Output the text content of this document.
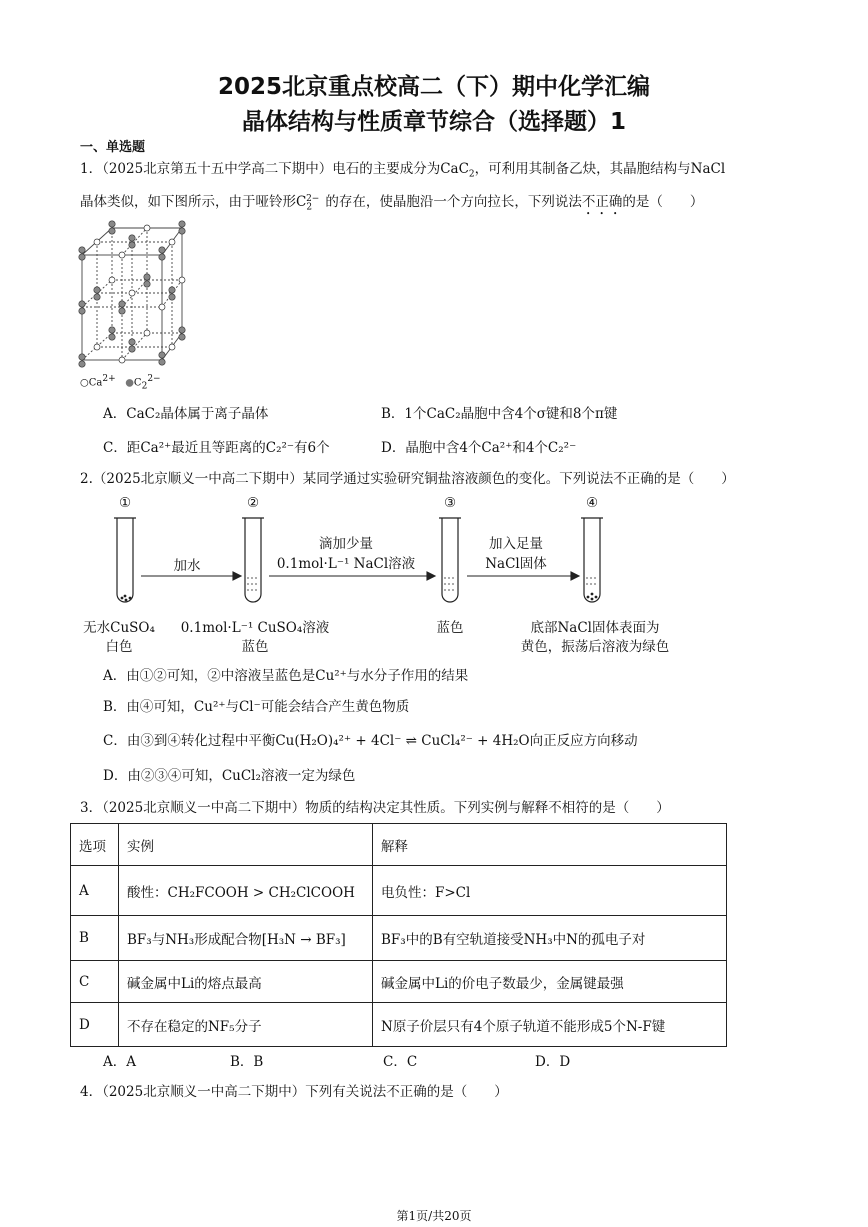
2025北京重点校高二（下）期中化学汇编
晶体结构与性质章节综合（选择题）1
一、单选题
1．（2025北京第五十五中学高二下期中）电石的主要成分为CaC$_2$，可利用其制备乙炔，其晶胞结构与NaCl
晶体类似，如下图所示，由于哑铃形$C_2^{2-}$ 的存在，使晶胞沿一个方向拉长，下列说法不正确的是（　　）
$○Ca^{2+}$ $●C_2^{2-}$
A．CaC₂晶体属于离子晶体	B．1个CaC₂晶胞中含4个σ键和8个π键
C．距Ca²⁺最近且等距离的C₂²⁻有6个	D．晶胞中含4个Ca²⁺和4个C₂²⁻
2.（2025北京顺义一中高二下期中）某同学通过实验研究铜盐溶液颜色的变化。下列说法不正确的是（　　）
①	②	③	④
加水
滴加少量
0.1mol·L⁻¹ NaCl溶液
加入足量
NaCl固体
无水CuSO₄
白色
0.1mol·L⁻¹ CuSO₄溶液
蓝色
蓝色	底部NaCl固体表面为
黄色，振荡后溶液为绿色
A．由①②可知，②中溶液呈蓝色是Cu²⁺与水分子作用的结果
B．由④可知，Cu²⁺与Cl⁻可能会结合产生黄色物质
C．由③到④转化过程中平衡Cu(H₂O)₄²⁺ + 4Cl⁻ ⇌ CuCl₄²⁻ + 4H₂O向正反应方向移动
D．由②③④可知，CuCl₂溶液一定为绿色
3．（2025北京顺义一中高二下期中）物质的结构决定其性质。下列实例与解释不相符的是（　　）
选项	实例	解释
A	酸性：CH₂FCOOH > CH₂ClCOOH	电负性：F>Cl
B	BF₃与NH₃形成配合物[H₃N → BF₃]	BF₃中的B有空轨道接受NH₃中N的孤电子对
C	碱金属中Li的熔点最高	碱金属中Li的价电子数最少，金属键最强
D	不存在稳定的NF₅分子	N原子价层只有4个原子轨道不能形成5个N-F键
A．A	B．B	C．C	D．D
4．（2025北京顺义一中高二下期中）下列有关说法不正确的是（　　）
第1页/共20页
